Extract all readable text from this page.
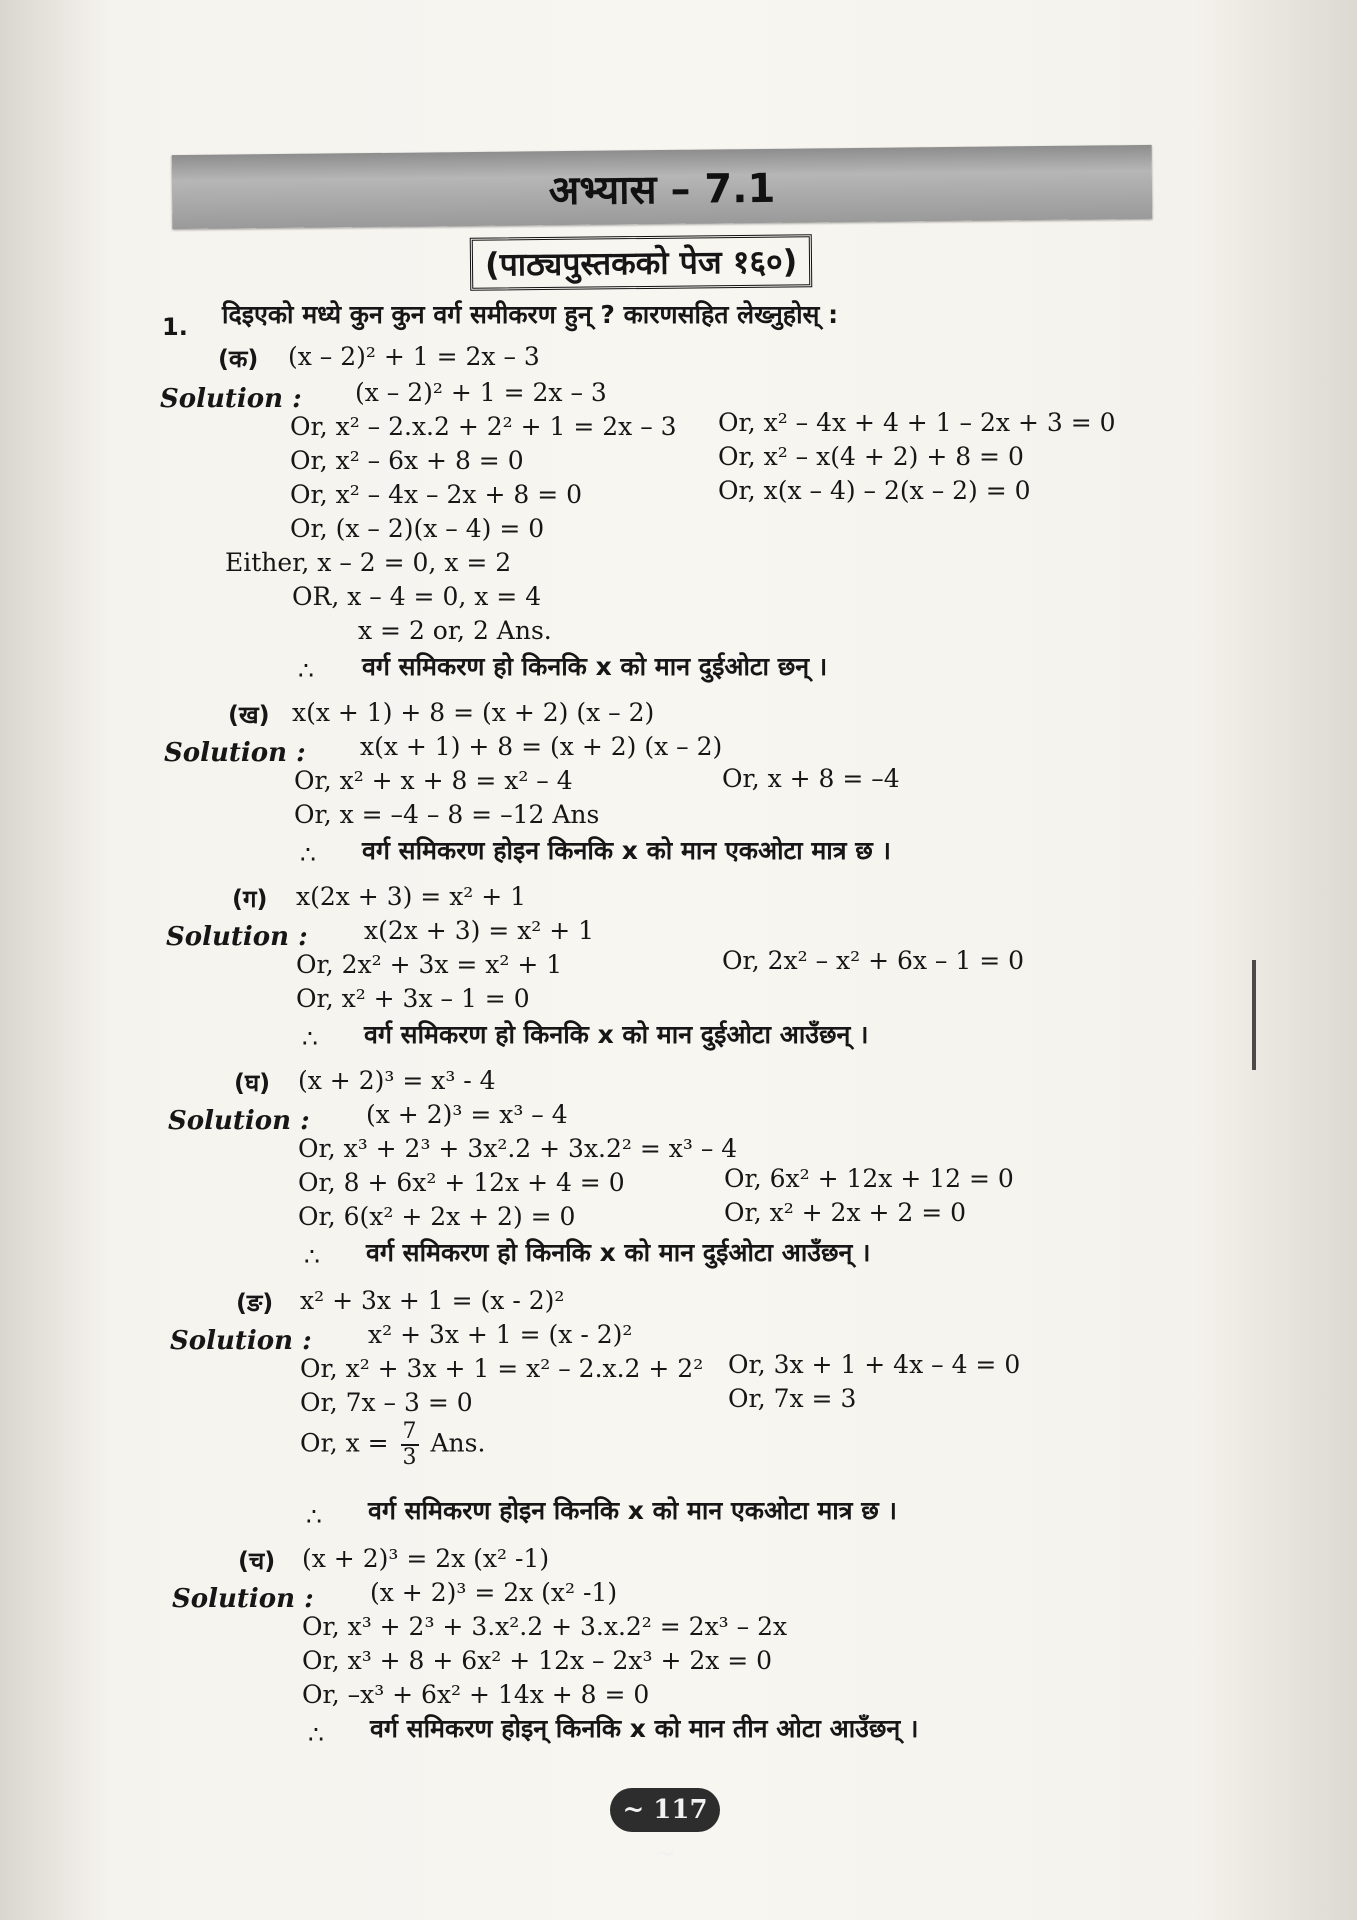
अभ्यास – 7.1
(पाठ्यपुस्तकको पेज १६०)
1. दिइएको मध्ये कुन कुन वर्ग समीकरण हुन् ? कारणसहित लेख्नुहोस् :
(क) (x – 2)² + 1 = 2x – 3
Solution : (x – 2)² + 1 = 2x – 3
Or, x² – 2.x.2 + 2² + 1 = 2x – 3 Or, x² – 4x + 4 + 1 – 2x + 3 = 0
Or, x² – 6x + 8 = 0	Or, x² – x(4 + 2) + 8 = 0
Or, x² – 4x – 2x + 8 = 0	Or, x(x – 4) – 2(x – 2) = 0
Or, (x – 2)(x – 4) = 0
Either, x – 2 = 0, x = 2
OR, x – 4 = 0, x = 4
x = 2 or, 2 Ans.
∴ वर्ग समिकरण हो किनकि x को मान दुईओटा छन् ।
(ख) x(x + 1) + 8 = (x + 2) (x – 2)
Solution : x(x + 1) + 8 = (x + 2) (x – 2)
Or, x² + x + 8 = x² – 4	Or, x + 8 = –4
Or, x = –4 – 8 = –12 Ans
∴ वर्ग समिकरण होइन किनकि x को मान एकओटा मात्र छ ।
(ग) x(2x + 3) = x² + 1
Solution : x(2x + 3) = x² + 1
Or, 2x² + 3x = x² + 1	Or, 2x² – x² + 6x – 1 = 0
Or, x² + 3x – 1 = 0
∴ वर्ग समिकरण हो किनकि x को मान दुईओटा आउँछन् ।
(घ) (x + 2)³ = x³ - 4
Solution : (x + 2)³ = x³ – 4
Or, x³ + 2³ + 3x².2 + 3x.2² = x³ – 4
Or, 8 + 6x² + 12x + 4 = 0	Or, 6x² + 12x + 12 = 0
Or, 6(x² + 2x + 2) = 0	Or, x² + 2x + 2 = 0
∴ वर्ग समिकरण हो किनकि x को मान दुईओटा आउँछन् ।
(ङ) x² + 3x + 1 = (x - 2)²
Solution : x² + 3x + 1 = (x - 2)²
Or, x² + 3x + 1 = x² – 2.x.2 + 2² Or, 3x + 1 + 4x – 4 = 0
Or, 7x – 3 = 0	Or, 7x = 3
Or, $x = \frac{7}{3}$ Ans.
∴ वर्ग समिकरण होइन किनकि x को मान एकओटा मात्र छ ।
(च) (x + 2)³ = 2x (x² -1)
Solution : (x + 2)³ = 2x (x² -1)
Or, x³ + 2³ + 3.x².2 + 3.x.2² = 2x³ – 2x
Or, x³ + 8 + 6x² + 12x – 2x³ + 2x = 0
Or, –x³ + 6x² + 14x + 8 = 0
∴ वर्ग समिकरण होइन् किनकि x को मान तीन ओटा आउँछन् ।
~ 117 ~
